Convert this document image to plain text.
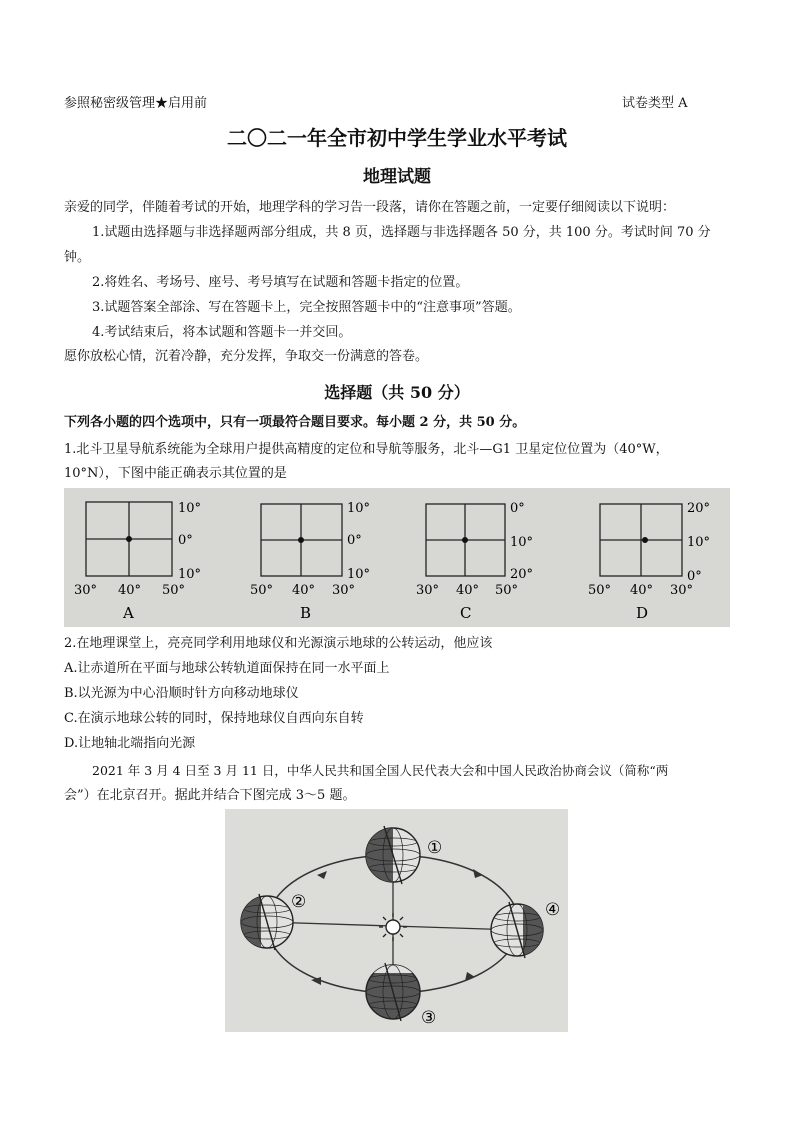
参照秘密级管理★启用前	试卷类型 A
二〇二一年全市初中学生学业水平考试
地理试题
亲爱的同学，伴随着考试的开始，地理学科的学习告一段落，请你在答题之前，一定要仔细阅读以下说明：
1.试题由选择题与非选择题两部分组成，共 8 页，选择题与非选择题各 50 分，共 100 分。考试时间 70 分
钟。
2.将姓名、考场号、座号、考号填写在试题和答题卡指定的位置。
3.试题答案全部涂、写在答题卡上，完全按照答题卡中的“注意事项”答题。
4.考试结束后，将本试题和答题卡一并交回。
愿你放松心情，沉着冷静，充分发挥，争取交一份满意的答卷。
选择题（共 50 分）
下列各小题的四个选项中，只有一项最符合题目要求。每小题 2 分，共 50 分。
1.北斗卫星导航系统能为全球用户提供高精度的定位和导航等服务，北斗—G1 卫星定位位置为（40°W，
10°N），下图中能正确表示其位置的是
10°
0°
10°
30° 40° 50°
A
10°
0°
10°
50° 40° 30°
B
0°
10°
20°
30° 40° 50°
C
20°
10°
0°
50° 40° 30°
D
2.在地理课堂上，亮亮同学利用地球仪和光源演示地球的公转运动，他应该
A.让赤道所在平面与地球公转轨道面保持在同一水平面上
B.以光源为中心沿顺时针方向移动地球仪
C.在演示地球公转的同时，保持地球仪自西向东自转
D.让地轴北端指向光源
2021 年 3 月 4 日至 3 月 11 日，中华人民共和国全国人民代表大会和中国人民政治协商会议（简称“两
会”）在北京召开。据此并结合下图完成 3～5 题。
①
②
③
④
